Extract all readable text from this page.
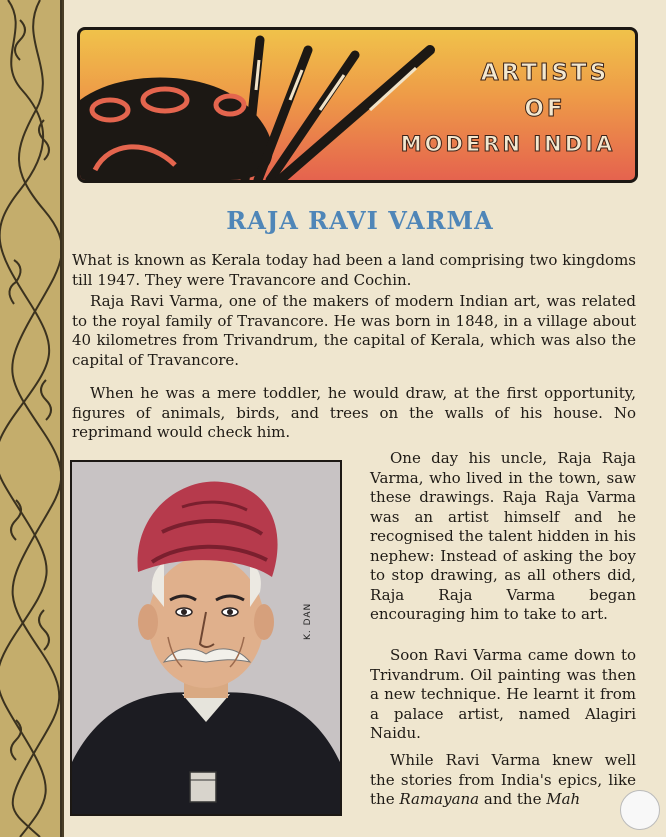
ARTISTS
OF
MODERN INDIA
RAJA RAVI VARMA

What is known as Kerala today had been a land comprising two kingdoms till 1947. They were Travancore and Cochin.

Raja Ravi Varma, one of the makers of modern Indian art, was related to the royal family of Travancore. He was born in 1848, in a village about 40 kilometres from Trivandrum, the capital of Kerala, which was also the capital of Travancore.

When he was a mere toddler, he would draw, at the first opportunity, figures of animals, birds, and trees on the walls of his house. No reprimand would check him.

K. DAN

One day his uncle, Raja Raja Varma, who lived in the town, saw these drawings. Raja Raja Varma was an artist himself and he recognised the talent hidden in his nephew: Instead of asking the boy to stop drawing, as all others did, Raja Raja Varma began encouraging him to take to art.

Soon Ravi Varma came down to Trivandrum. Oil painting was then a new technique. He learnt it from a palace artist, named Alagiri Naidu.

While Ravi Varma knew well the stories from India's epics, like the Ramayana and the Mah
